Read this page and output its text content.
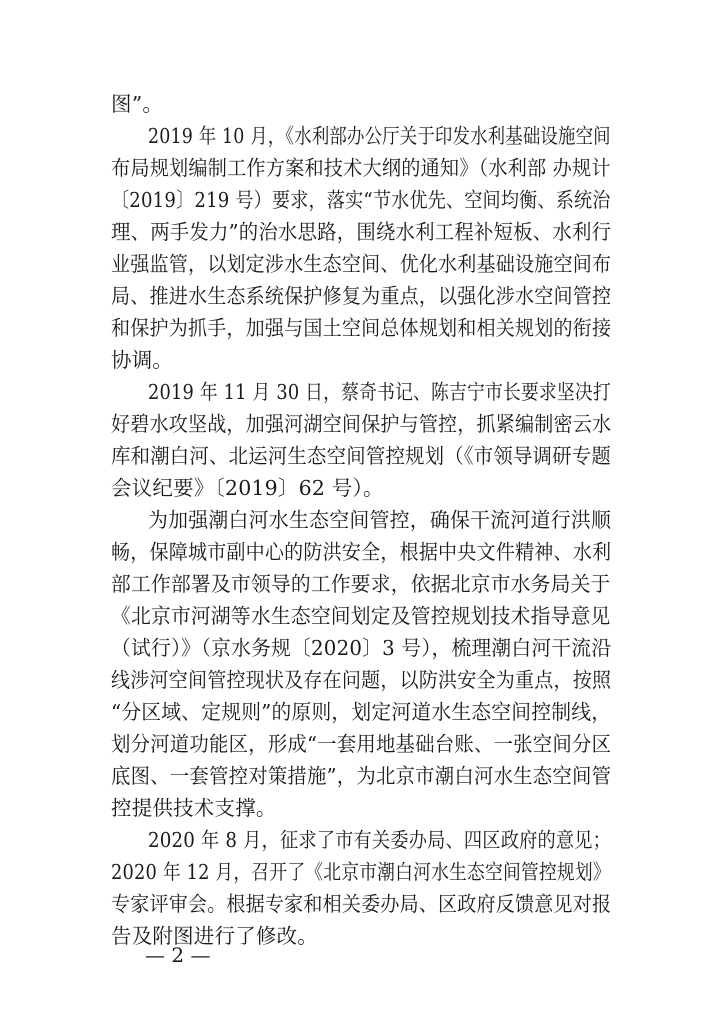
图”。
2019 年 10 月，《水利部办公厅关于印发水利基础设施空间
布局规划编制工作方案和技术大纲的通知》（水利部 办规计
〔2019〕219 号）要求，落实“节水优先、空间均衡、系统治
理、两手发力”的治水思路，围绕水利工程补短板、水利行
业强监管，以划定涉水生态空间、优化水利基础设施空间布
局、推进水生态系统保护修复为重点，以强化涉水空间管控
和保护为抓手，加强与国土空间总体规划和相关规划的衔接
协调。
2019 年 11 月 30 日，蔡奇书记、陈吉宁市长要求坚决打
好碧水攻坚战，加强河湖空间保护与管控，抓紧编制密云水
库和潮白河、北运河生态空间管控规划（《市领导调研专题
会议纪要》〔2019〕62 号）。
为加强潮白河水生态空间管控，确保干流河道行洪顺
畅，保障城市副中心的防洪安全，根据中央文件精神、水利
部工作部署及市领导的工作要求，依据北京市水务局关于
《北京市河湖等水生态空间划定及管控规划技术指导意见
（试行）》（京水务规〔2020〕3 号），梳理潮白河干流沿
线涉河空间管控现状及存在问题，以防洪安全为重点，按照
“分区域、定规则”的原则，划定河道水生态空间控制线，
划分河道功能区，形成“一套用地基础台账、一张空间分区
底图、一套管控对策措施”，为北京市潮白河水生态空间管
控提供技术支撑。
2020 年 8 月，征求了市有关委办局、四区政府的意见；
2020 年 12 月，召开了《北京市潮白河水生态空间管控规划》
专家评审会。根据专家和相关委办局、区政府反馈意见对报
告及附图进行了修改。
— 2 —
